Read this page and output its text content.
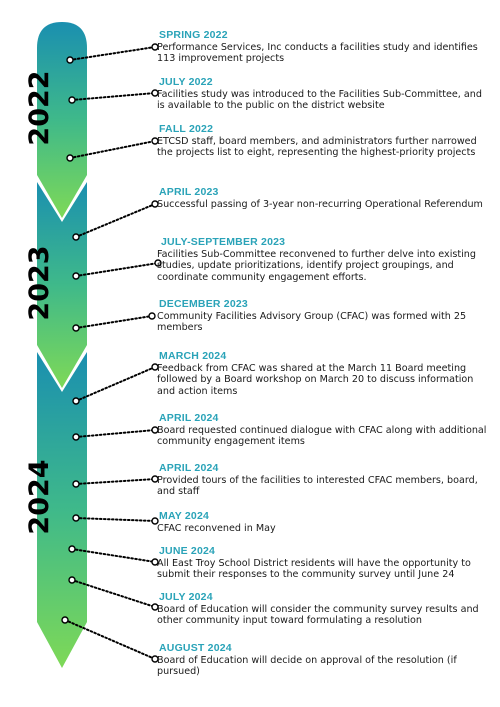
2022
2023
2024
SPRING 2022
Performance Services, Inc conducts a facilities study and identifies 113 improvement projects
JULY 2022
Facilities study was introduced to the Facilities Sub-Committee, and is available to the public on the district website
FALL 2022
ETCSD staff, board members, and administrators further narrowed the projects list to eight, representing the highest-priority projects
APRIL 2023
Successful passing of 3-year non-recurring Operational Referendum
JULY-SEPTEMBER 2023
Facilities Sub-Committee reconvened to further delve into existing studies, update prioritizations, identify project groupings, and coordinate community engagement efforts.
DECEMBER 2023
Community Facilities Advisory Group (CFAC) was formed with 25 members
MARCH 2024
Feedback from CFAC was shared at the March 11 Board meeting followed by a Board workshop on March 20 to discuss information and action items
APRIL 2024
Board requested continued dialogue with CFAC along with additional community engagement items
APRIL 2024
Provided tours of the facilities to interested CFAC members, board, and staff
MAY 2024
CFAC reconvened in May
JUNE 2024
All East Troy School District residents will have the opportunity to submit their responses to the community survey until June 24
JULY 2024
Board of Education will consider the community survey results and other community input toward formulating a resolution
AUGUST 2024
Board of Education will decide on approval of the resolution (if pursued)
